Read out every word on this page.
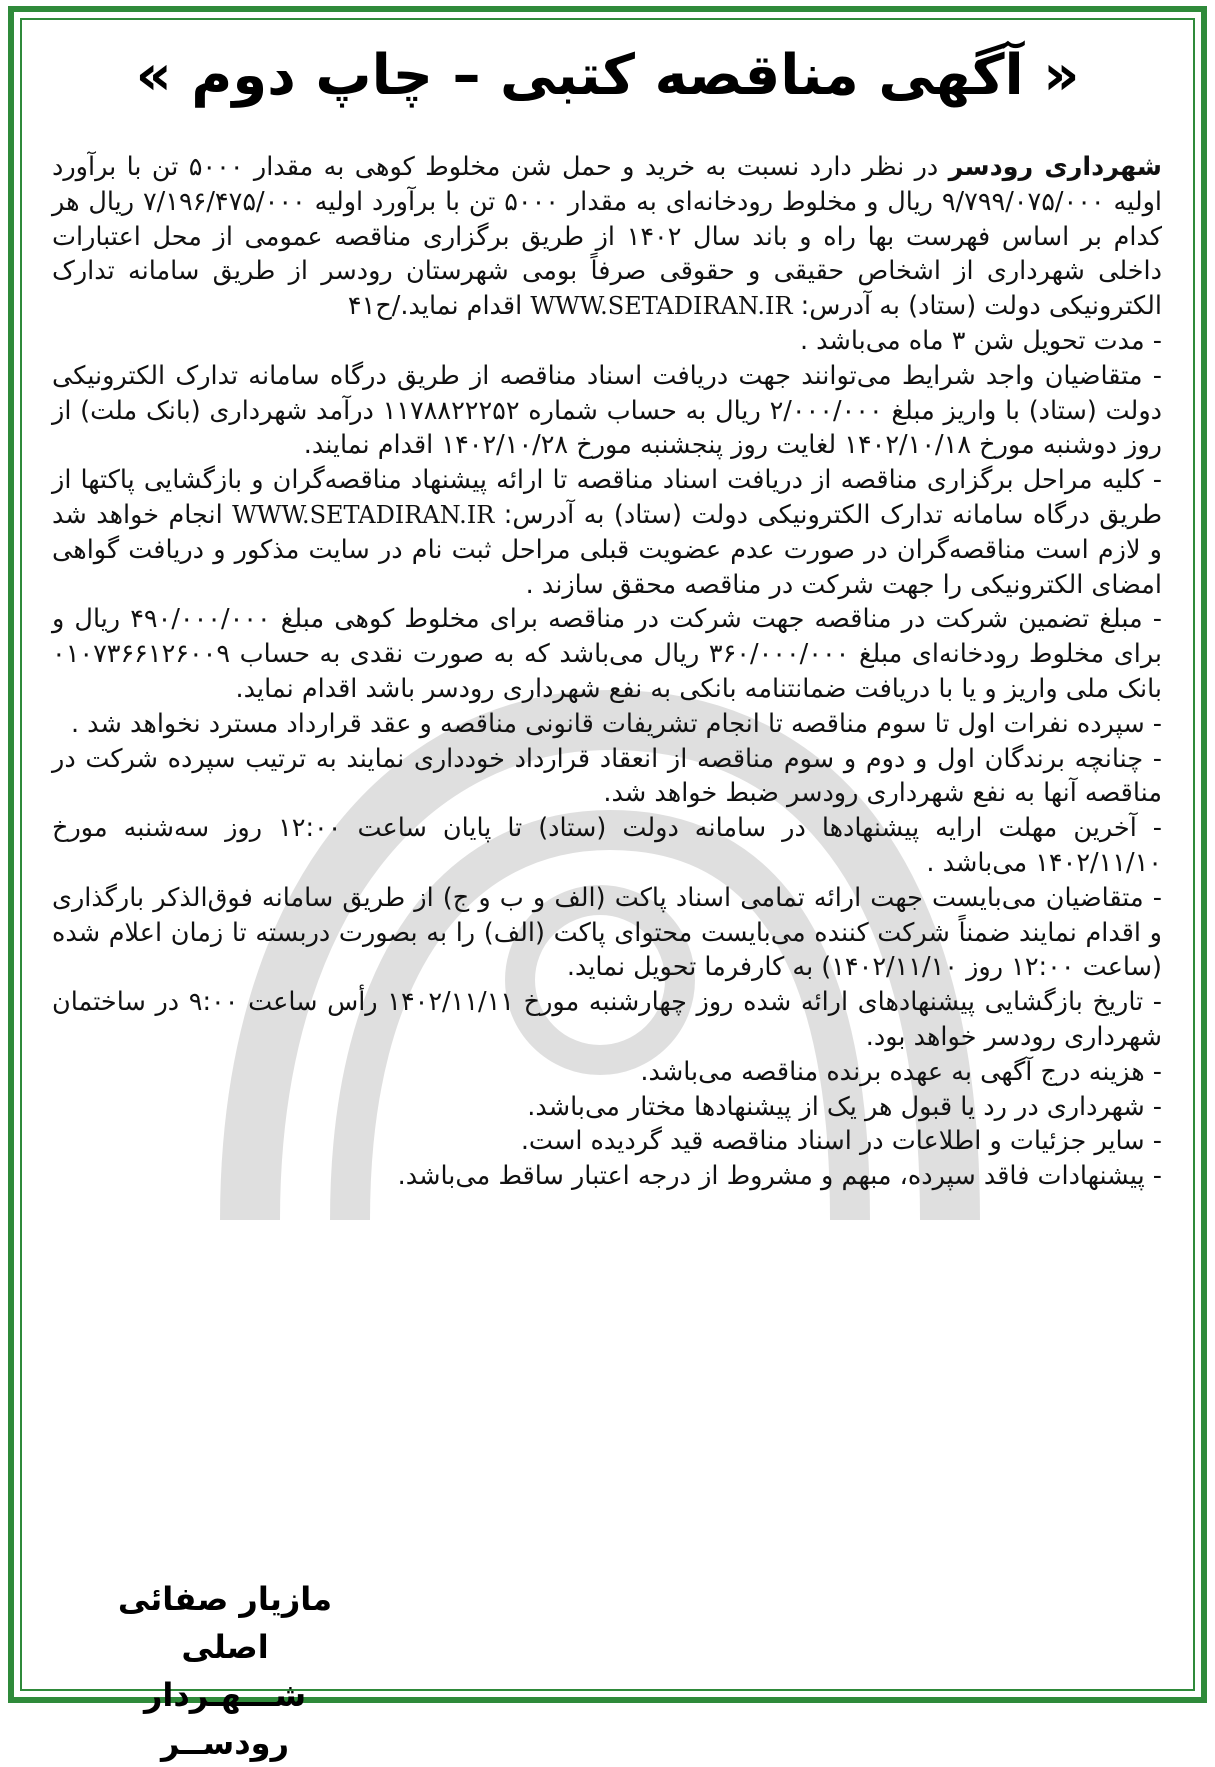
« آگهی مناقصه کتبی – چاپ دوم »

شهرداری رودسر در نظر دارد نسبت به خرید و حمل شن مخلوط کوهی به مقدار ۵۰۰۰ تن با برآورد اولیه ۹/۷۹۹/۰۷۵/۰۰۰ ریال و مخلوط رودخانه‌ای به مقدار ۵۰۰۰ تن با برآورد اولیه ۷/۱۹۶/۴۷۵/۰۰۰ ریال هر کدام بر اساس فهرست بها راه و باند سال ۱۴۰۲ از طریق برگزاری مناقصه عمومی از محل اعتبارات داخلی شهرداری از اشخاص حقیقی و حقوقی صرفاً بومی شهرستان رودسر از طریق سامانه تدارک الکترونیکی دولت (ستاد) به آدرس: WWW.SETADIRAN.IR اقدام نماید./ح۴۱

- مدت تحویل شن ۳ ماه می‌باشد .

- متقاضیان واجد شرایط می‌توانند جهت دریافت اسناد مناقصه از طریق درگاه سامانه تدارک الکترونیکی دولت (ستاد) با واریز مبلغ ۲/۰۰۰/۰۰۰ ریال به حساب شماره ۱۱۷۸۸۲۲۲۵۲ درآمد شهرداری (بانک ملت) از روز دوشنبه مورخ ۱۴۰۲/۱۰/۱۸ لغایت روز پنجشنبه مورخ ۱۴۰۲/۱۰/۲۸ اقدام نمایند.

- کلیه مراحل برگزاری مناقصه از دریافت اسناد مناقصه تا ارائه پیشنهاد مناقصه‌گران و بازگشایی پاکتها از طریق درگاه سامانه تدارک الکترونیکی دولت (ستاد) به آدرس: WWW.SETADIRAN.IR انجام خواهد شد و لازم است مناقصه‌گران در صورت عدم عضویت قبلی مراحل ثبت نام در سایت مذکور و دریافت گواهی امضای الکترونیکی را جهت شرکت در مناقصه محقق سازند .

- مبلغ تضمین شرکت در مناقصه جهت شرکت در مناقصه برای مخلوط کوهی مبلغ ۴۹۰/۰۰۰/۰۰۰ ریال و برای مخلوط رودخانه‌ای مبلغ ۳۶۰/۰۰۰/۰۰۰ ریال می‌باشد که به صورت نقدی به حساب ۰۱۰۷۳۶۶۱۲۶۰۰۹ بانک ملی واریز و یا با دریافت ضمانتنامه بانکی به نفع شهرداری رودسر باشد اقدام نماید.

- سپرده نفرات اول تا سوم مناقصه تا انجام تشریفات قانونی مناقصه و عقد قرارداد مسترد نخواهد شد .

- چنانچه برندگان اول و دوم و سوم مناقصه از انعقاد قرارداد خودداری نمایند به ترتیب سپرده شرکت در مناقصه آنها به نفع شهرداری رودسر ضبط خواهد شد.

- آخرین مهلت ارایه پیشنهادها در سامانه دولت (ستاد) تا پایان ساعت ۱۲:۰۰ روز سه‌شنبه مورخ ۱۴۰۲/۱۱/۱۰ می‌باشد .

- متقاضیان می‌بایست جهت ارائه تمامی اسناد پاکت (الف و ب و ج) از طریق سامانه فوق‌الذکر بارگذاری و اقدام نمایند ضمناً شرکت کننده می‌بایست محتوای پاکت (الف) را به بصورت دربسته تا زمان اعلام شده (ساعت ۱۲:۰۰ روز ۱۴۰۲/۱۱/۱۰) به کارفرما تحویل نماید.

- تاریخ بازگشایی پیشنهادهای ارائه شده روز چهارشنبه مورخ ۱۴۰۲/۱۱/۱۱ رأس ساعت ۹:۰۰ در ساختمان شهرداری رودسر خواهد بود.

- هزینه درج آگهی به عهده برنده مناقصه می‌باشد.

- شهرداری در رد یا قبول هر یک از پیشنهادها مختار می‌باشد.

- سایر جزئیات و اطلاعات در اسناد مناقصه قید گردیده است.

- پیشنهادات فاقد سپرده، مبهم و مشروط از درجه اعتبار ساقط می‌باشد.

مازیار صفائی اصلی
شـــهـردار رودســر
